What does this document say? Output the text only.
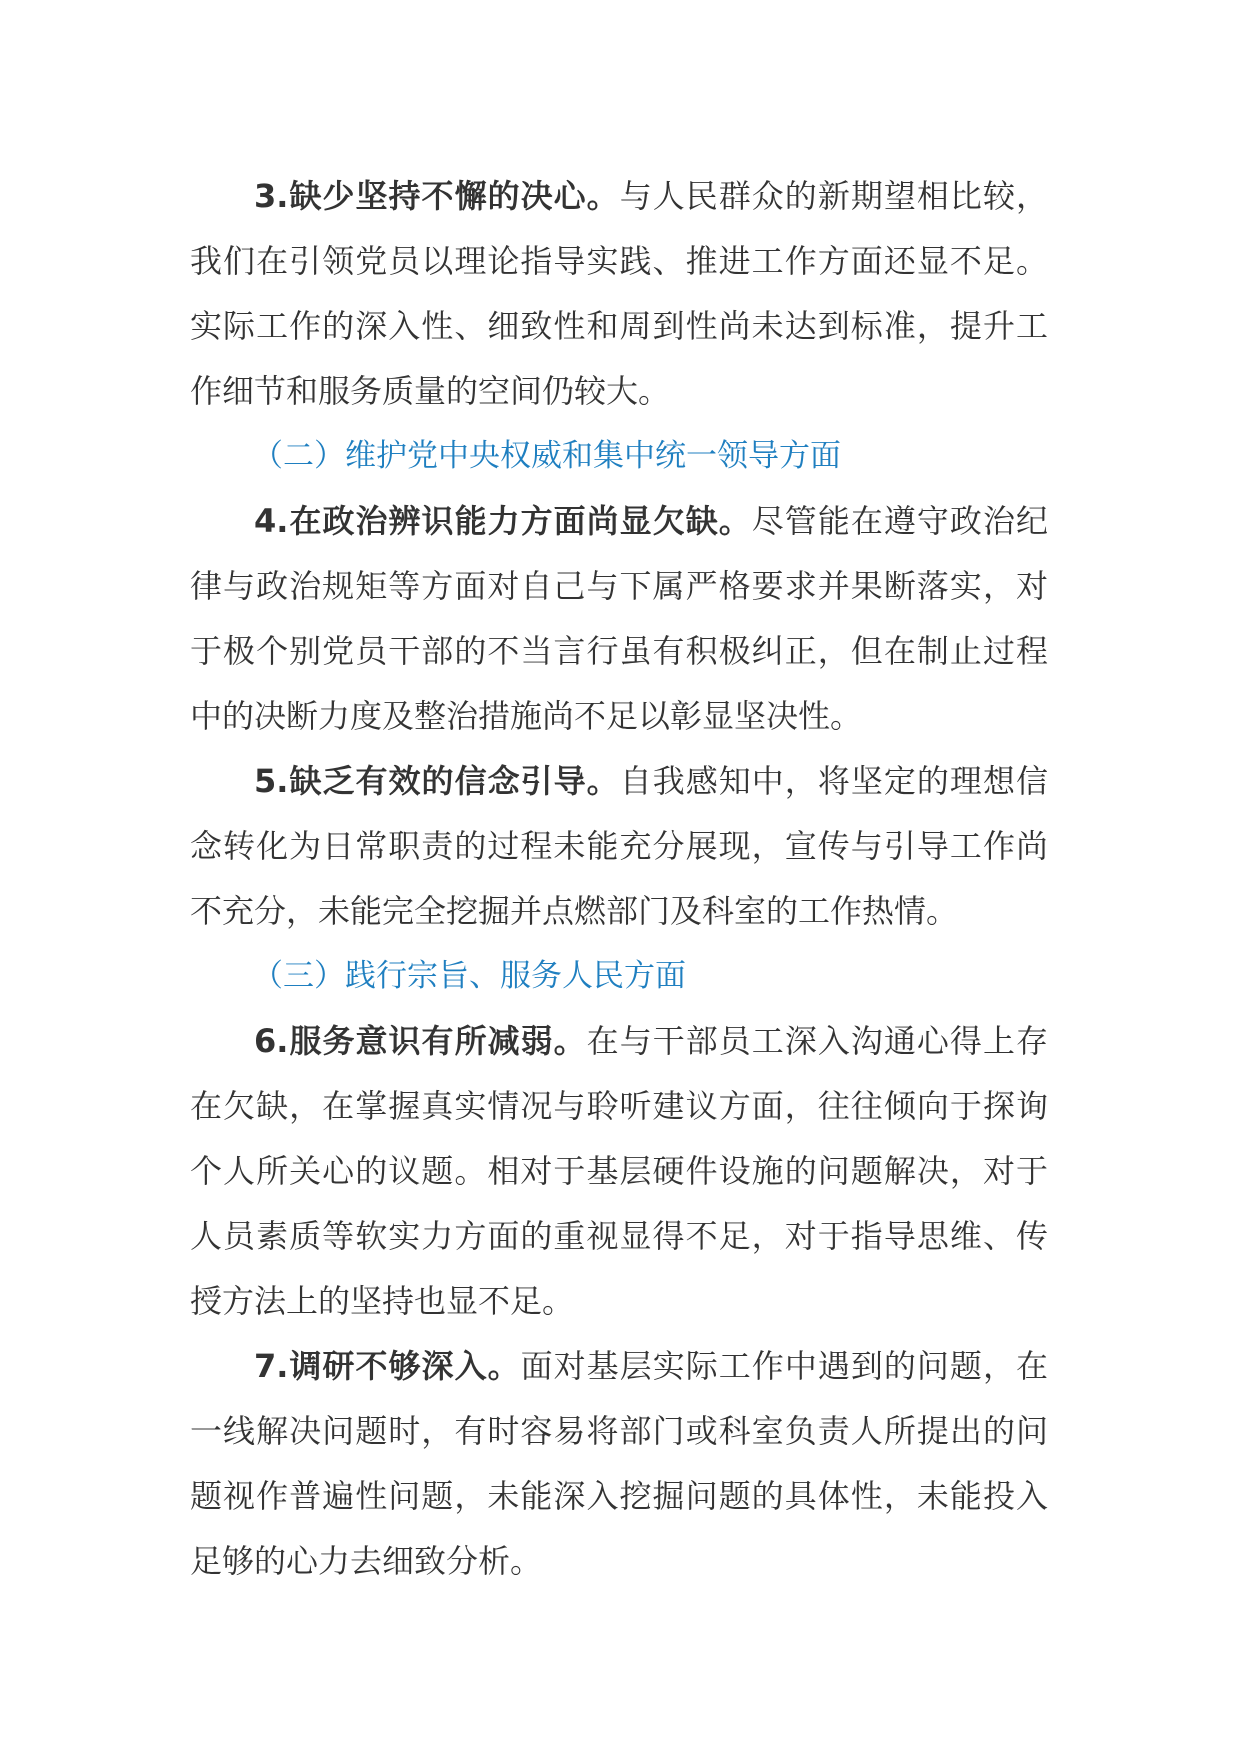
3.缺少坚持不懈的决心。与人民群众的新期望相比较，我们在引领党员以理论指导实践、推进工作方面还显不足。实际工作的深入性、细致性和周到性尚未达到标准，提升工作细节和服务质量的空间仍较大。

（二）维护党中央权威和集中统一领导方面

4.在政治辨识能力方面尚显欠缺。尽管能在遵守政治纪律与政治规矩等方面对自己与下属严格要求并果断落实，对于极个别党员干部的不当言行虽有积极纠正，但在制止过程中的决断力度及整治措施尚不足以彰显坚决性。

5.缺乏有效的信念引导。自我感知中，将坚定的理想信念转化为日常职责的过程未能充分展现，宣传与引导工作尚不充分，未能完全挖掘并点燃部门及科室的工作热情。

（三）践行宗旨、服务人民方面

6.服务意识有所减弱。在与干部员工深入沟通心得上存在欠缺，在掌握真实情况与聆听建议方面，往往倾向于探询个人所关心的议题。相对于基层硬件设施的问题解决，对于人员素质等软实力方面的重视显得不足，对于指导思维、传授方法上的坚持也显不足。

7.调研不够深入。面对基层实际工作中遇到的问题，在一线解决问题时，有时容易将部门或科室负责人所提出的问题视作普遍性问题，未能深入挖掘问题的具体性，未能投入足够的心力去细致分析。
